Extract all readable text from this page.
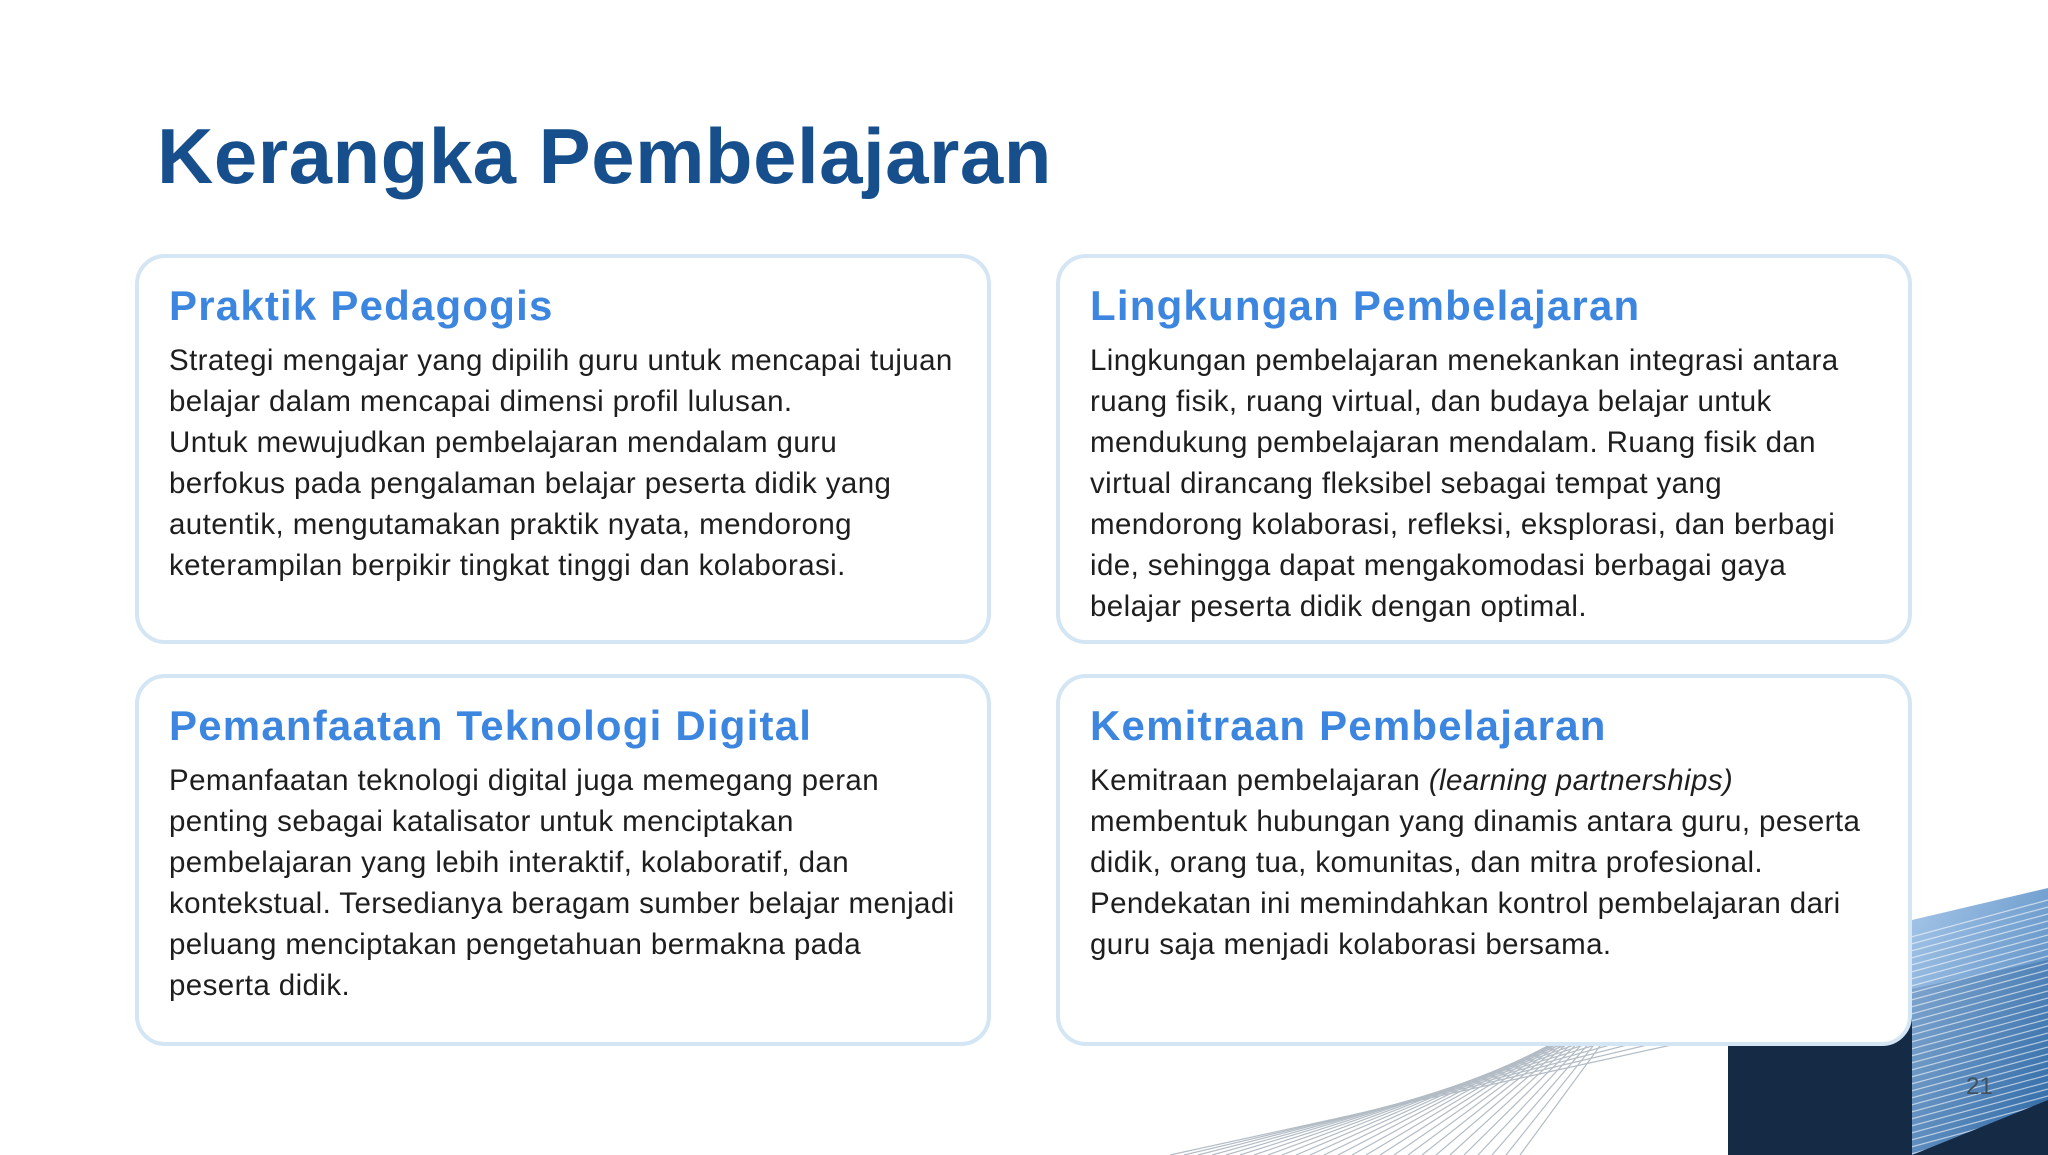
Kerangka Pembelajaran
Praktik Pedagogis

Strategi mengajar yang dipilih guru untuk mencapai tujuan belajar dalam mencapai dimensi profil lulusan.

Untuk mewujudkan pembelajaran mendalam guru berfokus pada pengalaman belajar peserta didik yang autentik, mengutamakan praktik nyata, mendorong keterampilan berpikir tingkat tinggi dan kolaborasi.

Lingkungan Pembelajaran

Lingkungan pembelajaran menekankan integrasi antara ruang fisik, ruang virtual, dan budaya belajar untuk mendukung pembelajaran mendalam. Ruang fisik dan virtual dirancang fleksibel sebagai tempat yang mendorong kolaborasi, refleksi, eksplorasi, dan berbagi ide, sehingga dapat mengakomodasi berbagai gaya belajar peserta didik dengan optimal.

Pemanfaatan Teknologi Digital

Pemanfaatan teknologi digital juga memegang peran penting sebagai katalisator untuk menciptakan pembelajaran yang lebih interaktif, kolaboratif, dan kontekstual. Tersedianya beragam sumber belajar menjadi peluang menciptakan pengetahuan bermakna pada peserta didik.

Kemitraan Pembelajaran

Kemitraan pembelajaran (learning partnerships) membentuk hubungan yang dinamis antara guru, peserta didik, orang tua, komunitas, dan mitra profesional. Pendekatan ini memindahkan kontrol pembelajaran dari guru saja menjadi kolaborasi bersama.

21
